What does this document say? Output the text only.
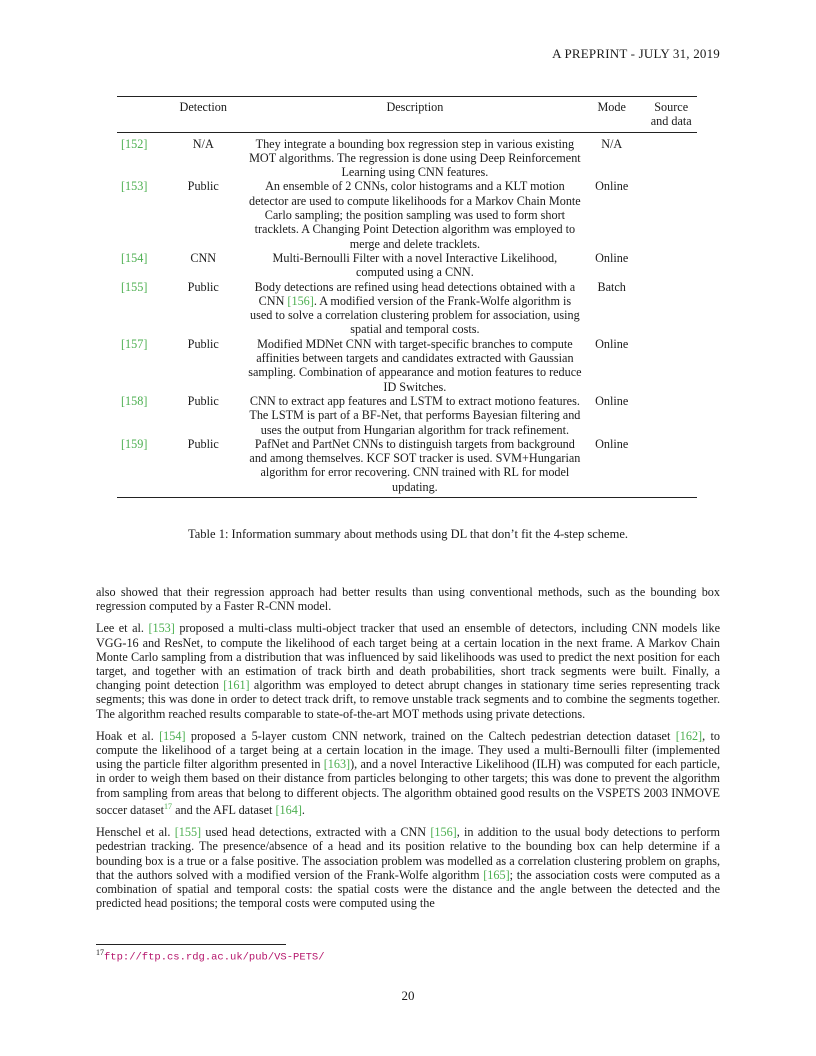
A PREPRINT - JULY 31, 2019
	Detection	Description	Mode	Source and data
[152]	N/A	They integrate a bounding box regression step in various existing MOT algorithms. The regression is done using Deep Reinforcement Learning using CNN features.	N/A	
[153]	Public	An ensemble of 2 CNNs, color histograms and a KLT motion detector are used to compute likelihoods for a Markov Chain Monte Carlo sampling; the position sampling was used to form short tracklets. A Changing Point Detection algorithm was employed to merge and delete tracklets.	Online	
[154]	CNN	Multi-Bernoulli Filter with a novel Interactive Likelihood, computed using a CNN.	Online	
[155]	Public	Body detections are refined using head detections obtained with a CNN [156]. A modified version of the Frank-Wolfe algorithm is used to solve a correlation clustering problem for association, using spatial and temporal costs.	Batch	
[157]	Public	Modified MDNet CNN with target-specific branches to compute affinities between targets and candidates extracted with Gaussian sampling. Combination of appearance and motion features to reduce ID Switches.	Online	
[158]	Public	CNN to extract app features and LSTM to extract motiono features. The LSTM is part of a BF-Net, that performs Bayesian filtering and uses the output from Hungarian algorithm for track refinement.	Online	
[159]	Public	PafNet and PartNet CNNs to distinguish targets from background and among themselves. KCF SOT tracker is used. SVM+Hungarian algorithm for error recovering. CNN trained with RL for model updating.	Online	
Table 1: Information summary about methods using DL that don’t fit the 4-step scheme.

also showed that their regression approach had better results than using conventional methods, such as the bounding box regression computed by a Faster R-CNN model.

Lee et al. [153] proposed a multi-class multi-object tracker that used an ensemble of detectors, including CNN models like VGG-16 and ResNet, to compute the likelihood of each target being at a certain location in the next frame. A Markov Chain Monte Carlo sampling from a distribution that was influenced by said likelihoods was used to predict the next position for each target, and together with an estimation of track birth and death probabilities, short track segments were built. Finally, a changing point detection [161] algorithm was employed to detect abrupt changes in stationary time series representing track segments; this was done in order to detect track drift, to remove unstable track segments and to combine the segments together. The algorithm reached results comparable to state-of-the-art MOT methods using private detections.

Hoak et al. [154] proposed a 5-layer custom CNN network, trained on the Caltech pedestrian detection dataset [162], to compute the likelihood of a target being at a certain location in the image. They used a multi-Bernoulli filter (implemented using the particle filter algorithm presented in [163]), and a novel Interactive Likelihood (ILH) was computed for each particle, in order to weigh them based on their distance from particles belonging to other targets; this was done to prevent the algorithm from sampling from areas that belong to different objects. The algorithm obtained good results on the VSPETS 2003 INMOVE soccer dataset$^{17}$ and the AFL dataset [164].

Henschel et al. [155] used head detections, extracted with a CNN [156], in addition to the usual body detections to perform pedestrian tracking. The presence/absence of a head and its position relative to the bounding box can help determine if a bounding box is a true or a false positive. The association problem was modelled as a correlation clustering problem on graphs, that the authors solved with a modified version of the Frank-Wolfe algorithm [165]; the association costs were computed as a combination of spatial and temporal costs: the spatial costs were the distance and the angle between the detected and the predicted head positions; the temporal costs were computed using the

$^{17}$ftp://ftp.cs.rdg.ac.uk/pub/VS-PETS/
20
